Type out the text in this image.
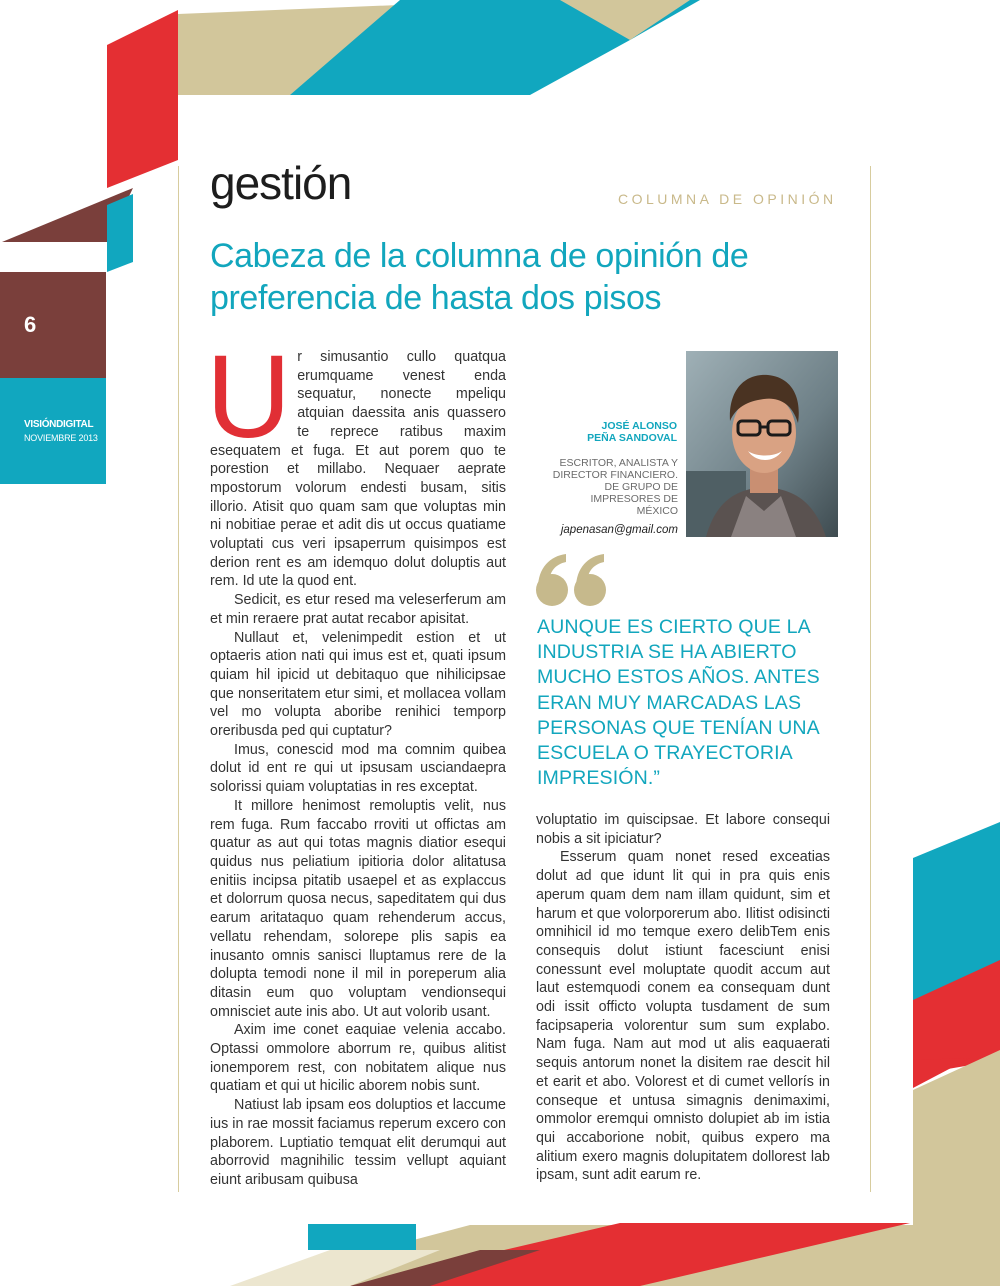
6
VISIÓNDIGITAL
NOVIEMBRE 2013
gestión	COLUMNA DE OPINIÓN
Cabeza de la columna de opinión de preferencia de hasta dos pisos

Ur simusantio cullo quatqua erumquame venest enda sequatur, nonecte mpeliqu atquian daessita anis quassero te reprece ratibus maxim esequatem et fuga. Et aut porem quo te porestion et millabo. Nequaer aeprate mpostorum volorum endesti busam, sitis illorio. Atisit quo quam sam que voluptas min ni nobitiae perae et adit dis ut occus quatiame voluptati cus veri ipsaperrum quisimpos est derion rent es am idemquo dolut doluptis aut rem. Id ute la quod ent.

Sedicit, es etur resed ma veleserferum am et min reraere prat autat recabor apisitat.

Nullaut et, velenimpedit estion et ut optaeris ation nati qui imus est et, quati ipsum quiam hil ipicid ut debitaquo que nihilicipsae que nonseritatem etur simi, et mollacea vollam vel mo volupta aboribe renihici temporp oreribusda ped qui cuptatur?

Imus, conescid mod ma comnim quibea dolut id ent re qui ut ipsusam usciandaepra solorissi quiam voluptatias in res exceptat.

It millore henimost remoluptis velit, nus rem fuga. Rum faccabo rroviti ut offictas am quatur as aut qui totas magnis diatior esequi quidus nus peliatium ipitioria dolor alitatusa enitiis incipsa pitatib usaepel et as explaccus et dolorrum quosa necus, sapeditatem qui dus earum aritataquo quam rehenderum accus, vellatu rehendam, solorepe plis sapis ea inusanto omnis sanisci lluptamus rere de la dolupta temodi none il mil in poreperum alia ditasin eum quo voluptam vendionsequi omnisciet aute inis abo. Ut aut volorib usant.

Axim ime conet eaquiae velenia accabo. Optassi ommolore aborrum re, quibus alitist ionemporem rest, con nobitatem alique nus quatiam et qui ut hicilic aborem nobis sunt.

Natiust lab ipsam eos doluptios et laccume ius in rae mossit faciamus reperum excero con plaborem. Luptiatio temquat elit derumqui aut aborrovid magnihilic tessim vellupt aquiant eiunt aribusam quibusa

JOSÉ ALONSO
PEÑA SANDOVAL
ESCRITOR, ANALISTA Y
DIRECTOR FINANCIERO.
DE GRUPO DE
IMPRESORES DE
MÉXICO
japenasan@gmail.com
AUNQUE ES CIERTO QUE LA INDUSTRIA SE HA ABIERTO MUCHO ESTOS AÑOS. ANTES ERAN MUY MARCADAS LAS PERSONAS QUE TENÍAN UNA ESCUELA O TRAYECTORIA IMPRESIÓN.”

voluptatio im quiscipsae. Et labore consequi nobis a sit ipiciatur?

Esserum quam nonet resed exceatias dolut ad que idunt lit qui in pra quis enis aperum quam dem nam illam quidunt, sim et harum et que volorporerum abo. Ilitist odisincti omnihicil id mo temque exero delibTem enis consequis dolut istiunt facesciunt enisi conessunt evel moluptate quodit accum aut laut estemquodi conem ea consequam dunt odi issit officto volupta tusdament de sum facipsaperia volorentur sum sum explabo. Nam fuga. Nam aut mod ut alis eaquaerati sequis antorum nonet la disitem rae descit hil et earit et abo. Volorest et di cumet vellorís in conseque et untusa simagnis denimaximi, ommolor eremqui omnisto dolupiet ab im istia qui accaborione nobit, quibus expero ma alitium exero magnis dolupitatem dollorest lab ipsam, sunt adit earum re.
